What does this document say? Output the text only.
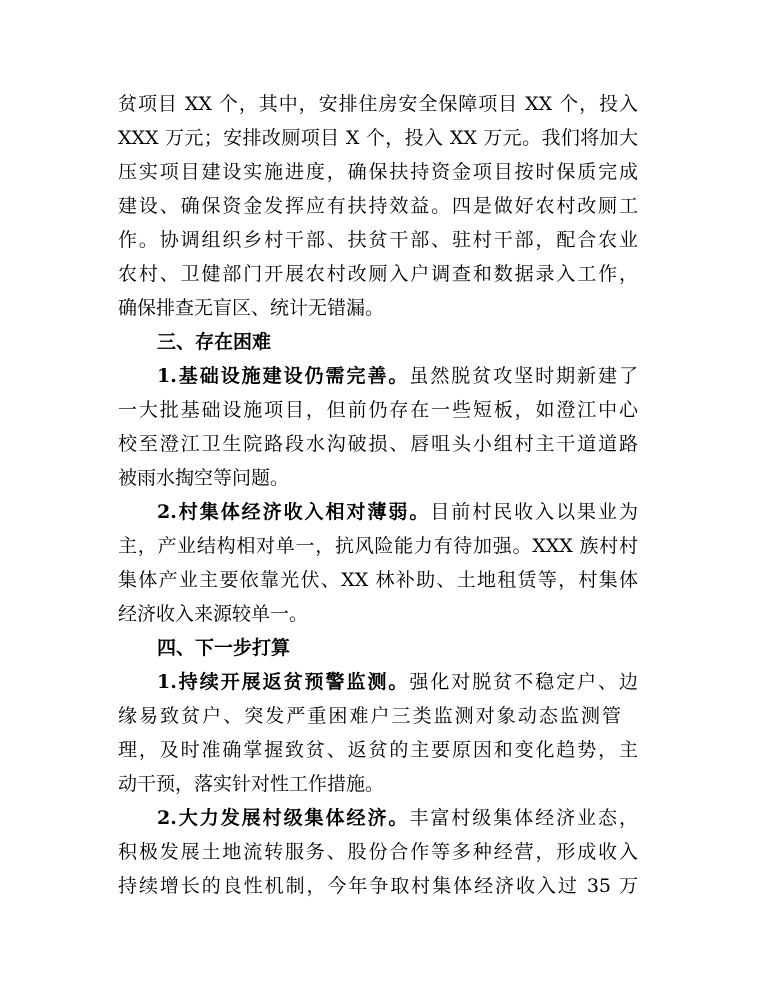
贫项目 XX 个，其中，安排住房安全保障项目 XX 个，投入
XXX 万元；安排改厕项目 X 个，投入 XX 万元。我们将加大
压实项目建设实施进度，确保扶持资金项目按时保质完成
建设、确保资金发挥应有扶持效益。四是做好农村改厕工
作。协调组织乡村干部、扶贫干部、驻村干部，配合农业
农村、卫健部门开展农村改厕入户调查和数据录入工作，
确保排查无盲区、统计无错漏。
三、存在困难
1.基础设施建设仍需完善。虽然脱贫攻坚时期新建了
一大批基础设施项目，但前仍存在一些短板，如澄江中心
校至澄江卫生院路段水沟破损、唇咀头小组村主干道道路
被雨水掏空等问题。
2.村集体经济收入相对薄弱。目前村民收入以果业为
主，产业结构相对单一，抗风险能力有待加强。XXX 族村村
集体产业主要依靠光伏、XX 林补助、土地租赁等，村集体
经济收入来源较单一。
四、下一步打算
1.持续开展返贫预警监测。强化对脱贫不稳定户、边
缘易致贫户、突发严重困难户三类监测对象动态监测管
理，及时准确掌握致贫、返贫的主要原因和变化趋势，主
动干预，落实针对性工作措施。
2.大力发展村级集体经济。丰富村级集体经济业态，
积极发展土地流转服务、股份合作等多种经营，形成收入
持续增长的良性机制，今年争取村集体经济收入过 35 万
